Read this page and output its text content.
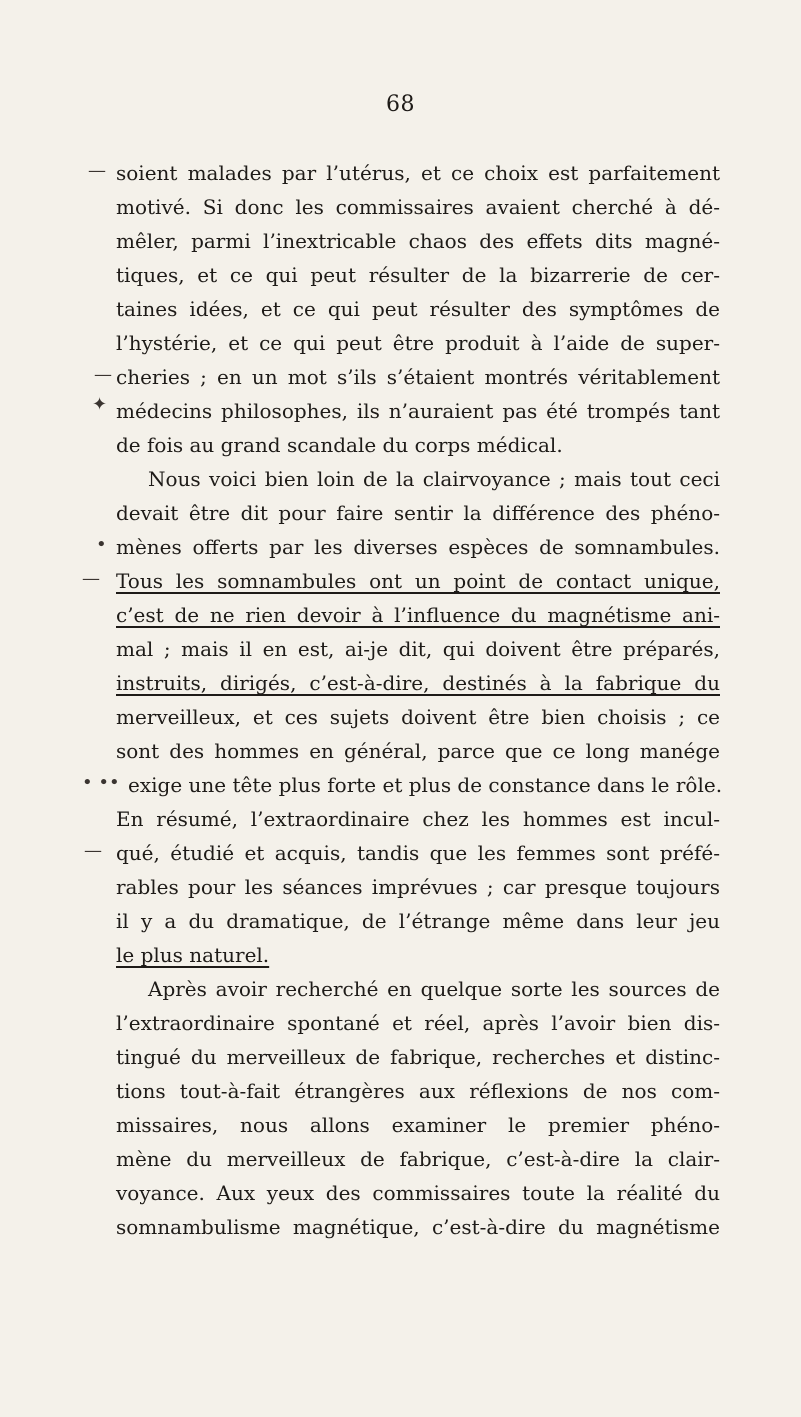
68
—
—
✦
•
—
• ••
—
soient malades par l’utérus, et ce choix est parfaitement
motivé. Si donc les commissaires avaient cherché à dé-
mêler, parmi l’inextricable chaos des effets dits magné-
tiques, et ce qui peut résulter de la bizarrerie de cer-
taines idées, et ce qui peut résulter des symptômes de
l’hystérie, et ce qui peut être produit à l’aide de super-
cheries ; en un mot s’ils s’étaient montrés véritablement
médecins philosophes, ils n’auraient pas été trompés tant
de fois au grand scandale du corps médical.
Nous voici bien loin de la clairvoyance ; mais tout ceci
devait être dit pour faire sentir la différence des phéno-
mènes offerts par les diverses espèces de somnambules.
Tous les somnambules ont un point de contact unique,
c’est de ne rien devoir à l’influence du magnétisme ani-
mal ; mais il en est, ai-je dit, qui doivent être préparés,
instruits, dirigés, c’est-à-dire, destinés à la fabrique du
merveilleux, et ces sujets doivent être bien choisis ; ce
sont des hommes en général, parce que ce long manége
exige une tête plus forte et plus de constance dans le rôle.
En résumé, l’extraordinaire chez les hommes est incul-
qué, étudié et acquis, tandis que les femmes sont préfé-
rables pour les séances imprévues ; car presque toujours
il y a du dramatique, de l’étrange même dans leur jeu
le plus naturel.
Après avoir recherché en quelque sorte les sources de
l’extraordinaire spontané et réel, après l’avoir bien dis-
tingué du merveilleux de fabrique, recherches et distinc-
tions tout-à-fait étrangères aux réflexions de nos com-
missaires, nous allons examiner le premier phéno-
mène du merveilleux de fabrique, c’est-à-dire la clair-
voyance. Aux yeux des commissaires toute la réalité du
somnambulisme magnétique, c’est-à-dire du magnétisme
